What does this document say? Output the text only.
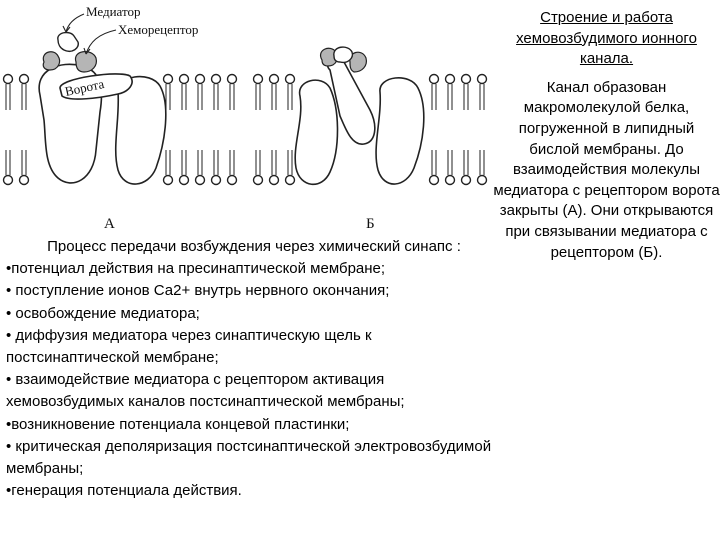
Медиатор
Хеморецептор
Ворота
А	Б

Строение и работа хемовозбудимого ионного канала.

Канал образован макромолекулой белка, погруженной в липидный бислой мембраны. До взаимодействия молекулы медиатора с рецептором ворота закрыты (А). Они открываются при связывании медиатора с рецептором (Б).

Процесс передачи возбуждения через химический синапс :

•потенциал действия на пресинаптической мембране;
• поступление ионов Са2+ внутрь нервного окончания;
• освобождение медиатора;
• диффузия медиатора через синаптическую щель к постсинаптической мембране;
• взаимодействие медиатора с рецептором активация хемовозбудимых каналов постсинаптической мембраны;
•возникновение потенциала концевой пластинки;
• критическая деполяризация постсинаптической электровозбудимой мембраны;
•генерация потенциала действия.
